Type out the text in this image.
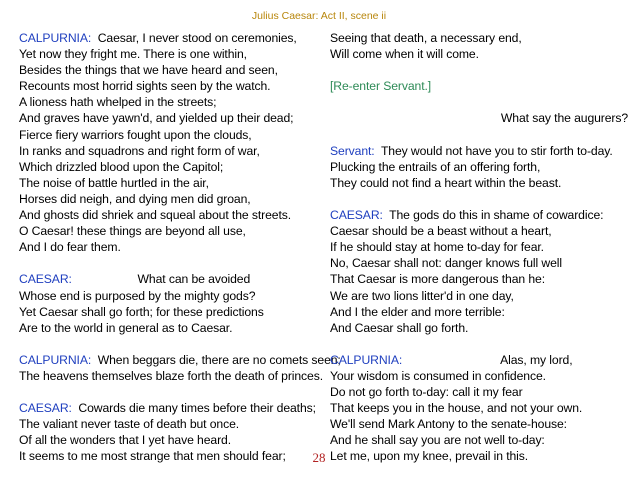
Julius Caesar: Act II, scene ii
CALPURNIA:  Caesar, I never stood on ceremonies,
Yet now they fright me. There is one within,
Besides the things that we have heard and seen,
Recounts most horrid sights seen by the watch.
A lioness hath whelped in the streets;
And graves have yawn'd, and yielded up their dead;
Fierce fiery warriors fought upon the clouds,
In ranks and squadrons and right form of war,
Which drizzled blood upon the Capitol;
The noise of battle hurtled in the air,
Horses did neigh, and dying men did groan,
And ghosts did shriek and squeal about the streets.
O Caesar! these things are beyond all use,
And I do fear them.
CAESAR:                    What can be avoided
Whose end is purposed by the mighty gods?
Yet Caesar shall go forth; for these predictions
Are to the world in general as to Caesar.
CALPURNIA:  When beggars die, there are no comets seen;
The heavens themselves blaze forth the death of princes.
CAESAR:  Cowards die many times before their deaths;
The valiant never taste of death but once.
Of all the wonders that I yet have heard.
It seems to me most strange that men should fear;
Seeing that death, a necessary end,
Will come when it will come.
[Re-enter Servant.]
What say the augurers?
Servant:  They would not have you to stir forth to-day.
Plucking the entrails of an offering forth,
They could not find a heart within the beast.
CAESAR:  The gods do this in shame of cowardice:
Caesar should be a beast without a heart,
If he should stay at home to-day for fear.
No, Caesar shall not: danger knows full well
That Caesar is more dangerous than he:
We are two lions litter'd in one day,
And I the elder and more terrible:
And Caesar shall go forth.
CALPURNIA:                              Alas, my lord,
Your wisdom is consumed in confidence.
Do not go forth to-day: call it my fear
That keeps you in the house, and not your own.
We'll send Mark Antony to the senate-house:
And he shall say you are not well to-day:
Let me, upon my knee, prevail in this.
28
